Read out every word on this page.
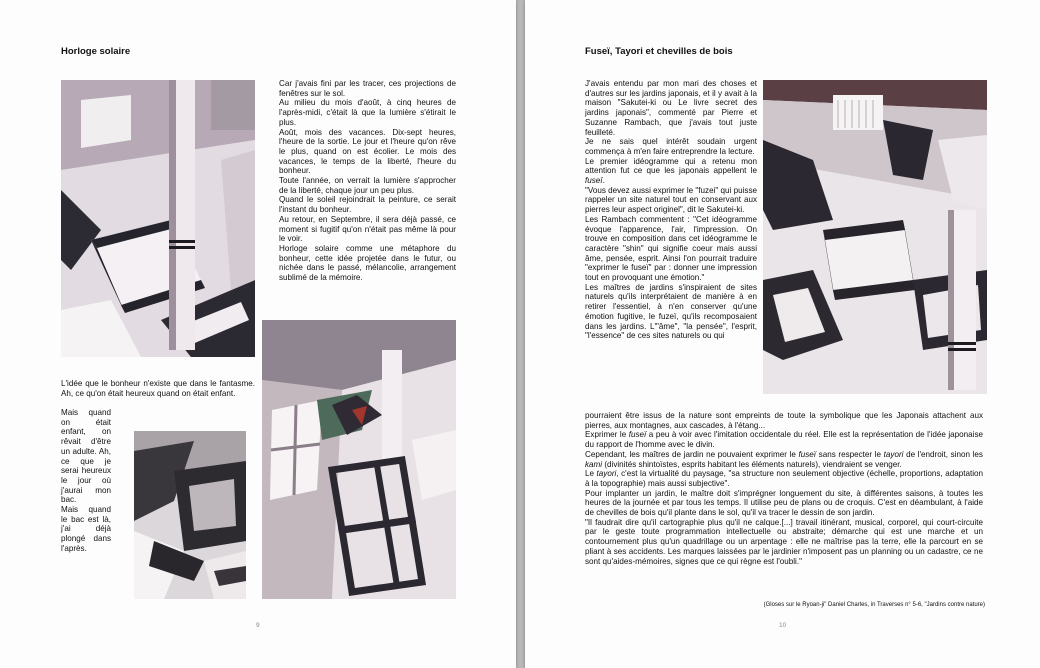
Horloge solaire

Car j'avais fini par les tracer, ces projections de fenêtres sur le sol.

Au milieu du mois d'août, à cinq heures de l'après-midi, c'était là que la lumière s'étirait le plus.

Août, mois des vacances. Dix-sept heures, l'heure de la sortie. Le jour et l'heure qu'on rêve le plus, quand on est écolier. Le mois des vacances, le temps de la liberté, l'heure du bonheur.

Toute l'année, on verrait la lumière s'approcher de la liberté, chaque jour un peu plus.

Quand le soleil rejoindrait la peinture, ce serait l'instant du bonheur.

Au retour, en Septembre, il sera déjà passé, ce moment si fugitif qu'on n'était pas même là pour le voir.

Horloge solaire comme une métaphore du bonheur, cette idée projetée dans le futur, ou nichée dans le passé, mélancolie, arrangement sublimé de la mémoire.

L'idée que le bonheur n'existe que dans le fantasme. Ah, ce qu'on était heureux quand on était enfant.

Mais quand on était enfant, on rêvait d'être un adulte. Ah, ce que je serai heureux le jour où j'aurai mon bac.

Mais quand le bac est là, j'ai déjà plongé dans l'après.

9
Fuseï, Tayori et chevilles de bois

J'avais entendu par mon mari des choses et d'autres sur les jardins japonais, et il y avait à la maison "Sakutei-ki ou Le livre secret des jardins japonais", commenté par Pierre et Suzanne Rambach, que j'avais tout juste feuilleté.

Je ne sais quel intérêt soudain urgent commença à m'en faire entreprendre la lecture.

Le premier idéogramme qui a retenu mon attention fut ce que les japonais appellent le fuseï.

"Vous devez aussi exprimer le "fuzei" qui puisse rappeler un site naturel tout en conservant aux pierres leur aspect originel", dit le Sakutei-ki.

Les Rambach commentent : "Cet idéogramme évoque l'apparence, l'air, l'impression. On trouve en composition dans cet idéogramme le caractère "shin" qui signifie coeur mais aussi âme, pensée, esprit. Ainsi l'on pourrait traduire "exprimer le fuseï" par : donner une impression tout en provoquant une émotion."

Les maîtres de jardins s'inspiraient de sites naturels qu'ils interprétaient de manière à en retirer l'essentiel, à n'en conserver qu'une émotion fugitive, le fuzeï, qu'ils recomposaient dans les jardins. L'"âme", "la pensée", l'esprit, "l'essence" de ces sites naturels ou qui

pourraient être issus de la nature sont empreints de toute la symbolique que les Japonais attachent aux pierres, aux montagnes, aux cascades, à l'étang...

Exprimer le fuseï a peu à voir avec l'imitation occidentale du réel. Elle est la représentation de l'idée japonaise du rapport de l'homme avec le divin.

Cependant, les maîtres de jardin ne pouvaient exprimer le fuseï sans respecter le tayori de l'endroit, sinon les kami (divinités shintoïstes, esprits habitant les éléments naturels), viendraient se venger.

Le tayori, c'est la virtualité du paysage, "sa structure non seulement objective (échelle, proportions, adaptation à la topographie) mais aussi subjective".

Pour implanter un jardin, le maître doit s'imprégner longuement du site, à différentes saisons, à toutes les heures de la journée et par tous les temps. Il utilise peu de plans ou de croquis. C'est en déambulant, à l'aide de chevilles de bois qu'il plante dans le sol, qu'il va tracer le dessin de son jardin.

"Il faudrait dire qu'il cartographie plus qu'il ne calque.[...] travail itinérant, musical, corporel, qui court-circuite par le geste toute programmation intellectuelle ou abstraite; démarche qui est une marche et un contournement plus qu'un quadrillage ou un arpentage : elle ne maîtrise pas la terre, elle la parcourt en se pliant à ses accidents. Les marques laissées par le jardinier n'imposent pas un planning ou un cadastre, ce ne sont qu'aides-mémoires, signes que ce qui règne est l'oubli."

(Gloses sur le Ryoan-ji" Daniel Charles, in Traverses n° 5-6, "Jardins contre nature)
10
